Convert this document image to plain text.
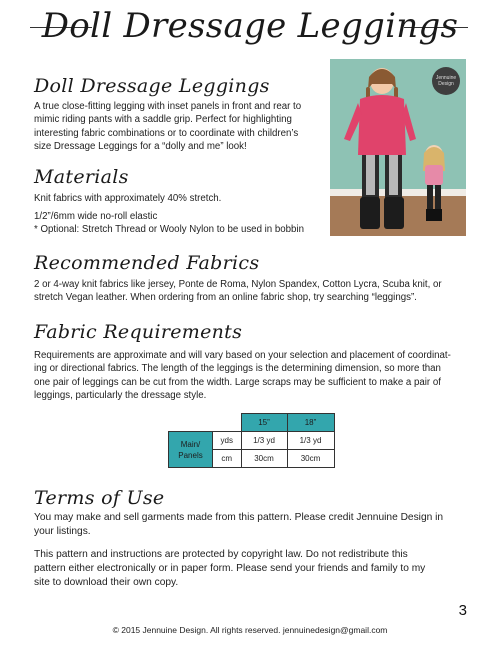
Doll Dressage Leggings
Doll Dressage Leggings
A true close-fitting legging with inset panels in front and rear to
mimic riding pants with a saddle grip. Perfect for highlighting
interesting fabric combinations or to coordinate with children’s
size Dressage Leggings for a “dolly and me” look!
Jennuine Design
Materials
Knit fabrics with approximately 40% stretch.
1/2”/6mm wide no-roll elastic
* Optional: Stretch Thread or Wooly Nylon to be used in bobbin
Recommended Fabrics
2 or 4-way knit fabrics like jersey, Ponte de Roma, Nylon Spandex, Cotton Lycra, Scuba knit, or
stretch Vegan leather. When ordering from an online fabric shop, try searching “leggings”.
Fabric Requirements
Requirements are approximate and will vary based on your selection and placement of coordinat-
ing or directional fabrics. The length of the leggings is the determining dimension, so more than
one pair of leggings can be cut from the width. Large scraps may be sufficient to make a pair of
leggings, particularly the dressage style.
		15”	18”

Main/
Panels	yds	1/3 yd	1/3 yd
	cm	30cm	30cm
Terms of Use
You may make and sell garments made from this pattern. Please credit Jennuine Design in
your listings.
This pattern and instructions are protected by copyright law. Do not redistribute this
pattern either electronically or in paper form. Please send your friends and family to my
site to download their own copy.
3
© 2015 Jennuine Design. All rights reserved. jennuinedesign@gmail.com
